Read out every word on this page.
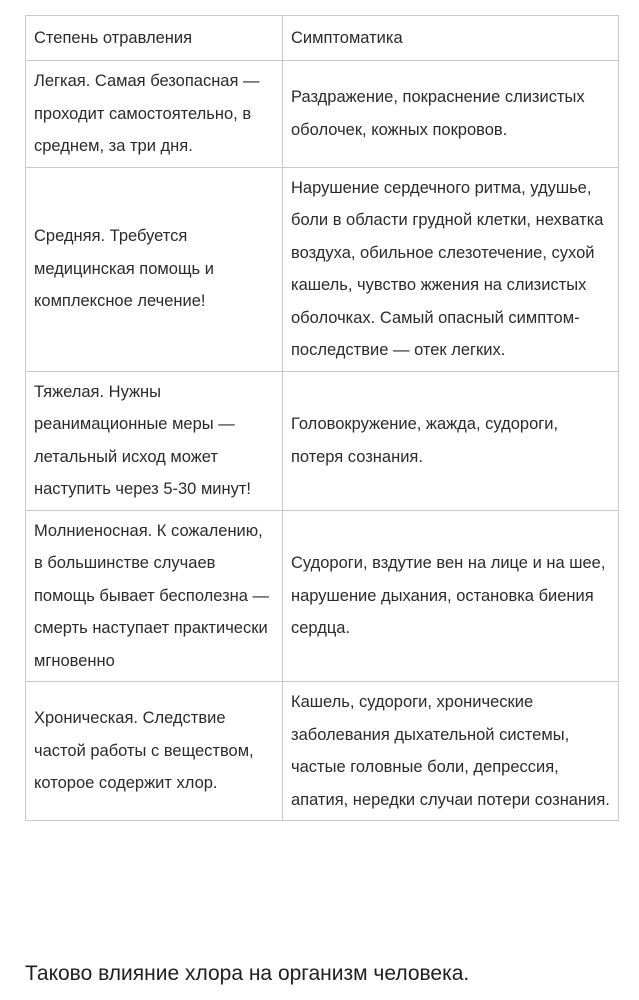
Степень отравления	Симптоматика
Легкая. Самая безопасная — проходит самостоятельно, в среднем, за три дня.	Раздражение, покраснение слизистых оболочек, кожных покровов.
Средняя. Требуется медицинская помощь и комплексное лечение!	Нарушение сердечного ритма, удушье, боли в области грудной клетки, нехватка воздуха, обильное слезотечение, сухой кашель, чувство жжения на слизистых оболочках. Самый опасный симптом-последствие — отек легких.
Тяжелая. Нужны реанимационные меры — летальный исход может наступить через 5-30 минут!	Головокружение, жажда, судороги, потеря сознания.
Молниеносная. К сожалению, в большинстве случаев помощь бывает бесполезна — смерть наступает практически мгновенно	Судороги, вздутие вен на лице и на шее, нарушение дыхания, остановка биения сердца.
Хроническая. Следствие частой работы с веществом, которое содержит хлор.	Кашель, судороги, хронические заболевания дыхательной системы, частые головные боли, депрессия, апатия, нередки случаи потери сознания.
Таково влияние хлора на организм человека.
